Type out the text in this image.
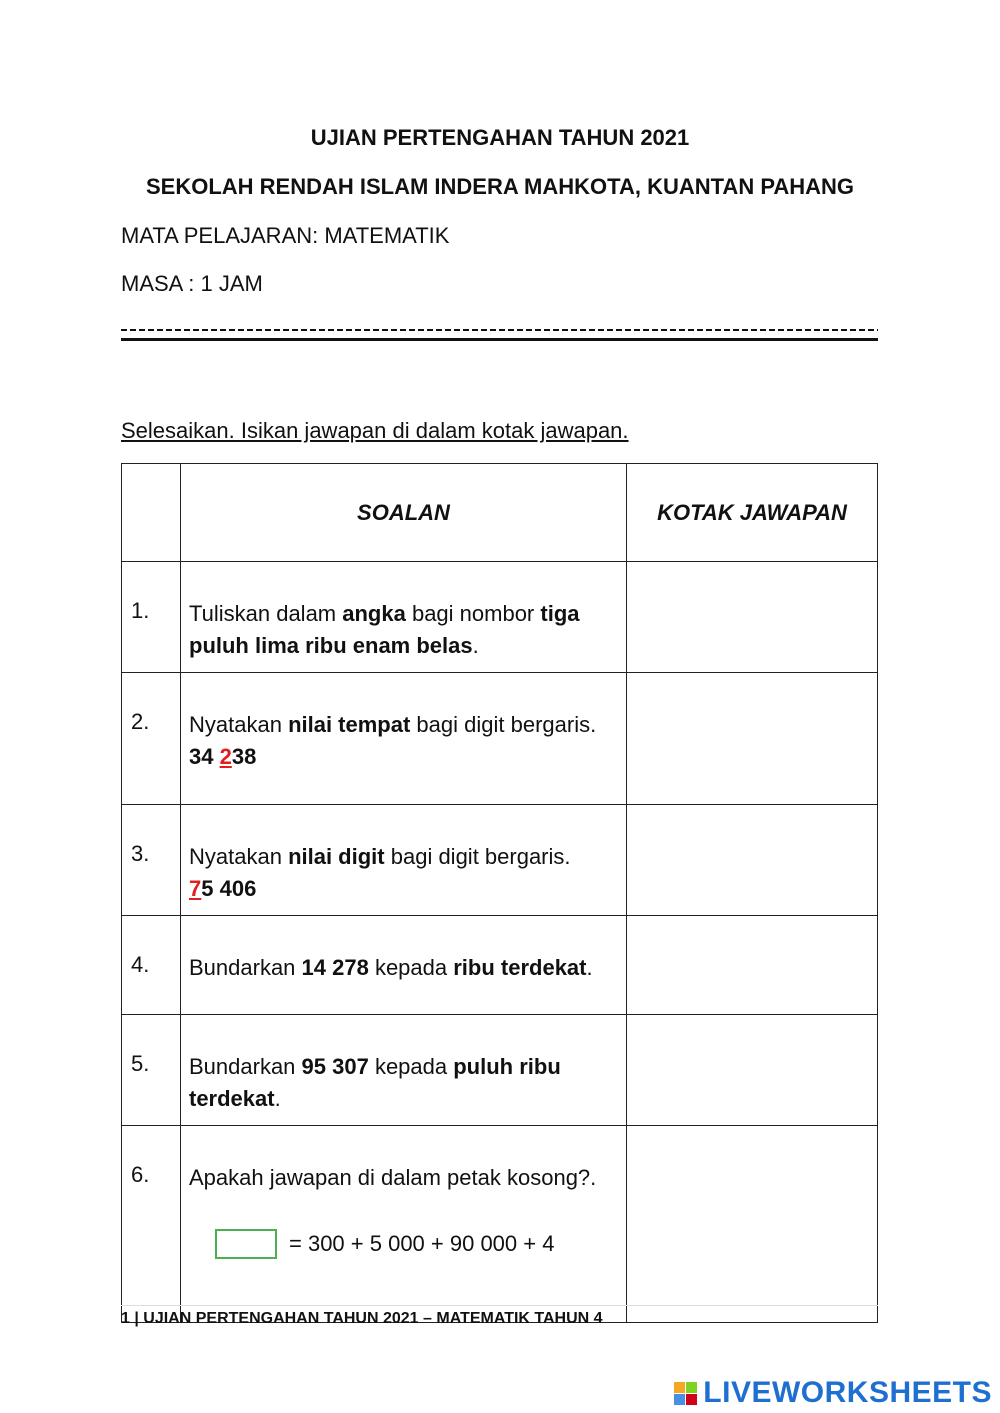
UJIAN PERTENGAHAN TAHUN 2021
SEKOLAH RENDAH ISLAM INDERA MAHKOTA, KUANTAN PAHANG
MATA PELAJARAN: MATEMATIK
MASA : 1 JAM
Selesaikan. Isikan jawapan di dalam kotak jawapan.
	SOALAN	KOTAK JAWAPAN
1.	Tuliskan dalam angka bagi nombor tiga puluh lima ribu enam belas.	
2.	Nyatakan nilai tempat bagi digit bergaris.
34 238	
3.	Nyatakan nilai digit bagi digit bergaris.
75 406	
4.	Bundarkan 14 278 kepada ribu terdekat.	
5.	Bundarkan 95 307 kepada puluh ribu terdekat.	
6.	Apakah jawapan di dalam petak kosong?.
= 300 + 5 000 + 90 000 + 4	

1 | UJIAN PERTENGAHAN TAHUN 2021 – MATEMATIK TAHUN 4
LIVEWORKSHEETS
